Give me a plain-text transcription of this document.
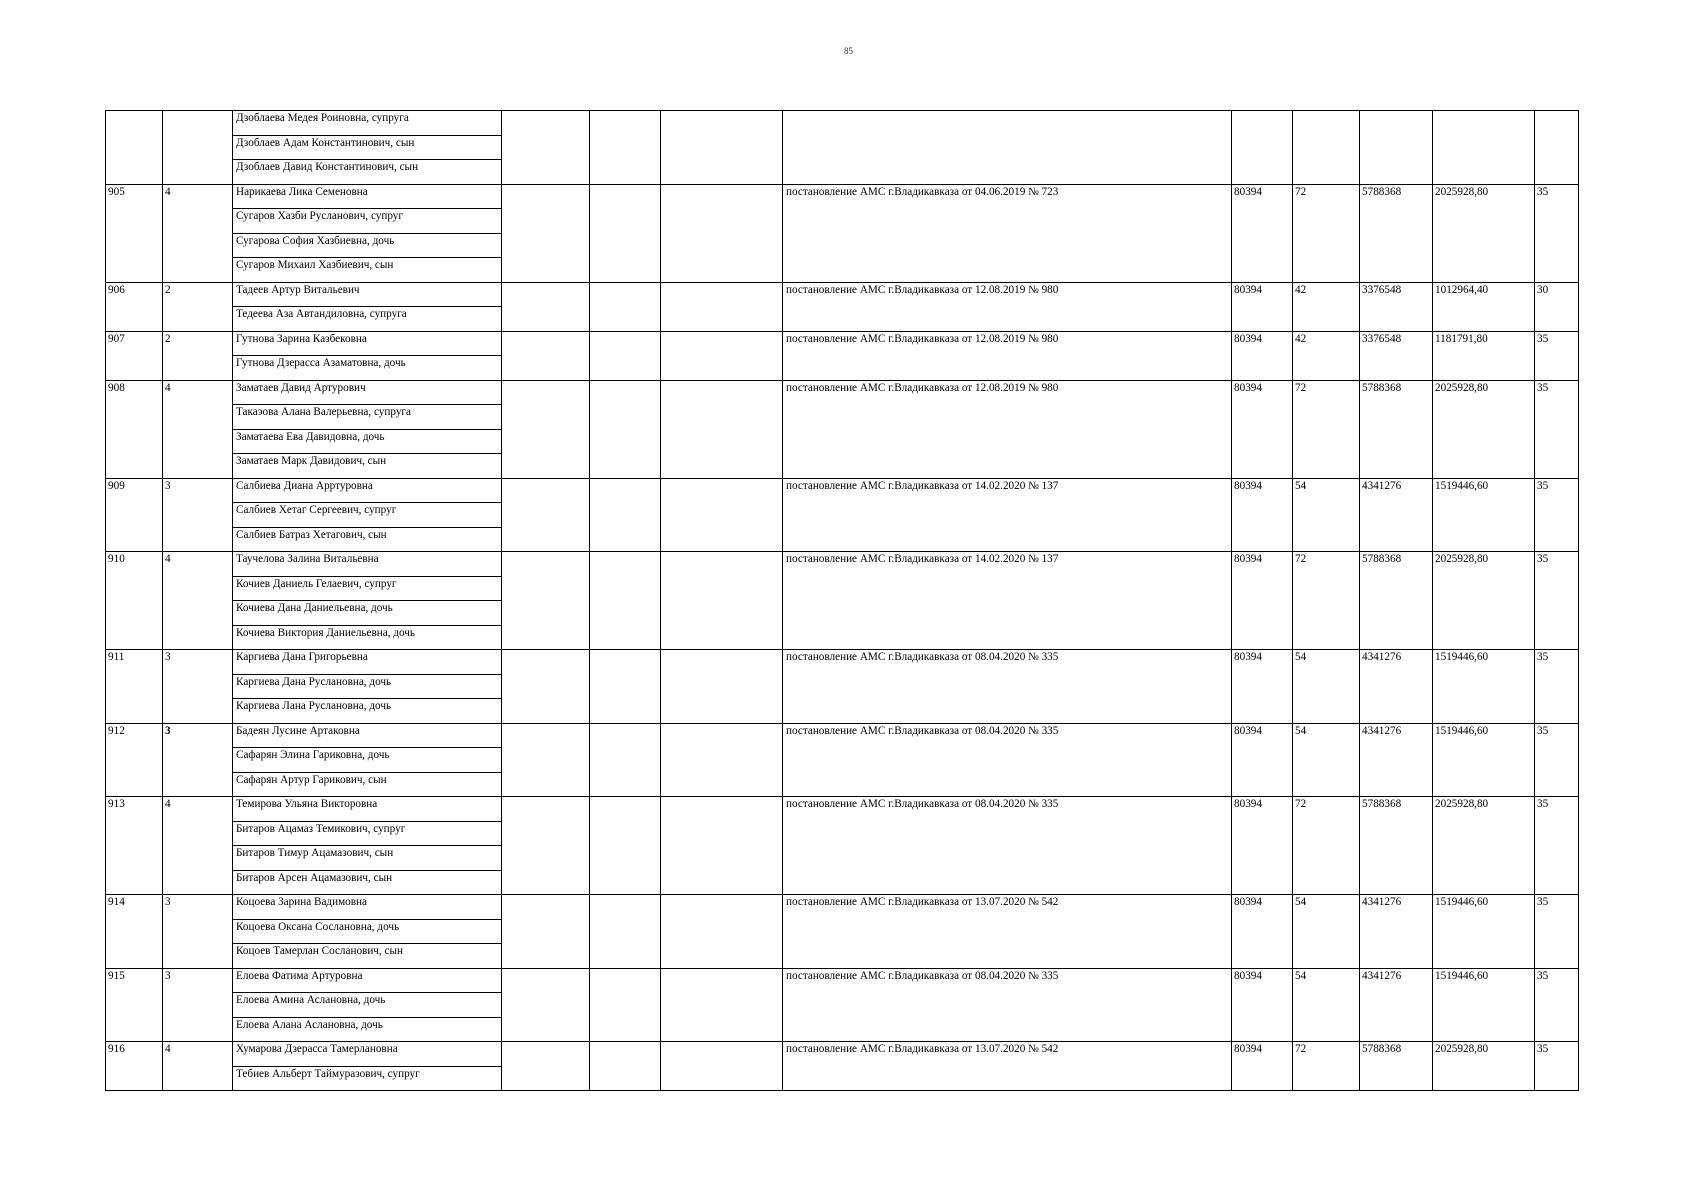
85
		Дзоблаева Медея Роиновна, супруга									
		Дзоблаев Адам Константинович, сын									
		Дзоблаев Давид Константинович, сын									
905	4	Нарикаева Лика Семеновна				постановление АМС г.Владикавказа от 04.06.2019 № 723	80394	72	5788368	2025928,80	35
		Сугаров Хазби Русланович, супруг									
		Сугарова София Хазбиевна, дочь									
		Сугаров Михаил Хазбиевич, сын									
906	2	Тадеев Артур Витальевич				постановление АМС г.Владикавказа от 12.08.2019 № 980	80394	42	3376548	1012964,40	30
		Тедеева Аза Автандиловна, супруга									
907	2	Гутнова Зарина Казбековна				постановление АМС г.Владикавказа от 12.08.2019 № 980	80394	42	3376548	1181791,80	35
		Гутнова Дзерасса Азаматовна, дочь									
908	4	Заматаев Давид Артурович				постановление АМС г.Владикавказа от 12.08.2019 № 980	80394	72	5788368	2025928,80	35
		Такаэова Алана Валерьевна, супруга									
		Заматаева Ева Давидовна, дочь									
		Заматаев Марк Давидович, сын									
909	3	Салбиева Диана Арртуровна				постановление АМС г.Владикавказа от 14.02.2020 № 137	80394	54	4341276	1519446,60	35
		Салбиев Хетаг Сергеевич, супруг									
		Салбиев Батраз Хетагович, сын									
910	4	Таучелова Залина Витальевна				постановление АМС г.Владикавказа от 14.02.2020 № 137	80394	72	5788368	2025928,80	35
		Кочиев Даниель Гелаевич, супруг									
		Кочиева Дана Даниельевна, дочь									
		Кочиева Виктория Даниельевна, дочь									
911	3	Каргиева Дана Григорьевна				постановление АМС г.Владикавказа от 08.04.2020 № 335	80394	54	4341276	1519446,60	35
		Каргиева Дана Руслановна, дочь									
		Каргиева Лана Руслановна, дочь									
912	3	Бадеян Лусине Артаковна				постановление АМС г.Владикавказа от 08.04.2020 № 335	80394	54	4341276	1519446,60	35
		Сафарян Элина Гариковна, дочь									
		Сафарян Артур Гарикович, сын									
913	4	Темирова Ульяна Викторовна				постановление АМС г.Владикавказа от 08.04.2020 № 335	80394	72	5788368	2025928,80	35
		Битаров Ацамаз Темикович, супруг									
		Битаров Тимур Ацамазович, сын									
		Битаров Арсен Ацамазович, сын									
914	3	Коцоева Зарина Вадимовна				постановление АМС г.Владикавказа от 13.07.2020 № 542	80394	54	4341276	1519446,60	35
		Коцоева Оксана Сослановна, дочь									
		Коцоев Тамерлан Сосланович, сын									
915	3	Елоева Фатима Артуровна				постановление АМС г.Владикавказа от 08.04.2020 № 335	80394	54	4341276	1519446,60	35
		Елоева Амина Аслановна, дочь									
		Елоева Алана Аслановна, дочь									
916	4	Хумарова Дзерасса Тамерлановна				постановление АМС г.Владикавказа от 13.07.2020 № 542	80394	72	5788368	2025928,80	35
		Тебиев Альберт Таймуразович, супруг									
